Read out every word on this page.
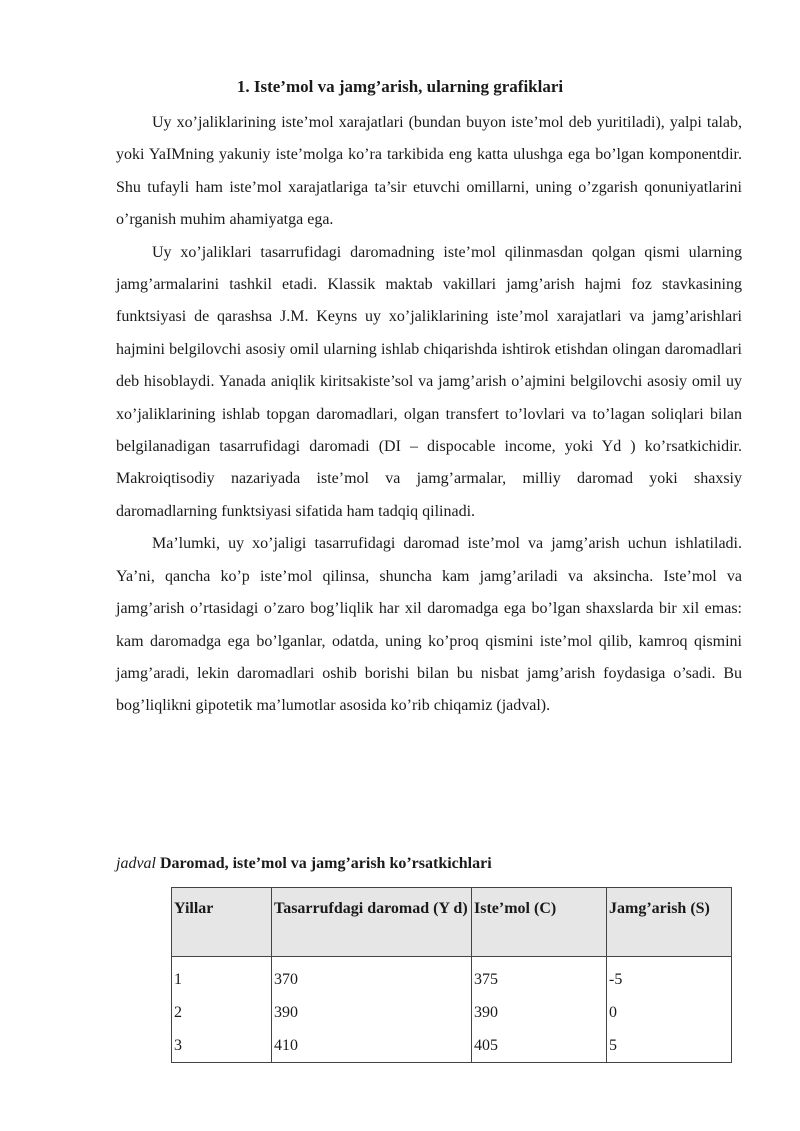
1. Iste’mol va jamg’arish, ularning grafiklari

Uy xo’jaliklarining iste’mol xarajatlari (bundan buyon iste’mol deb yuritiladi), yalpi talab, yoki YaIMning yakuniy iste’molga ko’ra tarkibida eng katta ulushga ega bo’lgan komponentdir. Shu tufayli ham iste’mol xarajatlariga ta’sir etuvchi omillarni, uning o’zgarish qonuniyatlarini o’rganish muhim ahamiyatga ega.

Uy xo’jaliklari tasarrufidagi daromadning iste’mol qilinmasdan qolgan qismi ularning jamg’armalarini tashkil etadi. Klassik maktab vakillari jamg’arish hajmi foz stavkasining funktsiyasi de qarashsa J.M. Keyns uy xo’jaliklarining iste’mol xarajatlari va jamg’arishlari hajmini belgilovchi asosiy omil ularning ishlab chiqarishda ishtirok etishdan olingan daromadlari deb hisoblaydi. Yanada aniqlik kiritsakiste’sol va jamg’arish o’ajmini belgilovchi asosiy omil uy xo’jaliklarining ishlab topgan daromadlari, olgan transfert to’lovlari va to’lagan soliqlari bilan belgilanadigan tasarrufidagi daromadi (DI – dispocable income, yoki Yd ) ko’rsatkichidir. Makroiqtisodiy nazariyada iste’mol va jamg’armalar, milliy daromad yoki shaxsiy daromadlarning funktsiyasi sifatida ham tadqiq qilinadi.

Ma’lumki, uy xo’jaligi tasarrufidagi daromad iste’mol va jamg’arish uchun ishlatiladi. Ya’ni, qancha ko’p iste’mol qilinsa, shuncha kam jamg’ariladi va aksincha. Iste’mol va jamg’arish o’rtasidagi o’zaro bog’liqlik har xil daromadga ega bo’lgan shaxslarda bir xil emas: kam daromadga ega bo’lganlar, odatda, uning ko’proq qismini iste’mol qilib, kamroq qismini jamg’aradi, lekin daromadlari oshib borishi bilan bu nisbat jamg’arish foydasiga o’sadi. Bu bog’liqlikni gipotetik ma’lumotlar asosida ko’rib chiqamiz (jadval).

jadval Daromad, iste’mol va jamg’arish ko’rsatkichlari
Yillar	Tasarrufdagi daromad (Y d)	Iste’mol (C)	Jamg’arish (S)
1	370	375	-5
2	390	390	0
3	410	405	5
